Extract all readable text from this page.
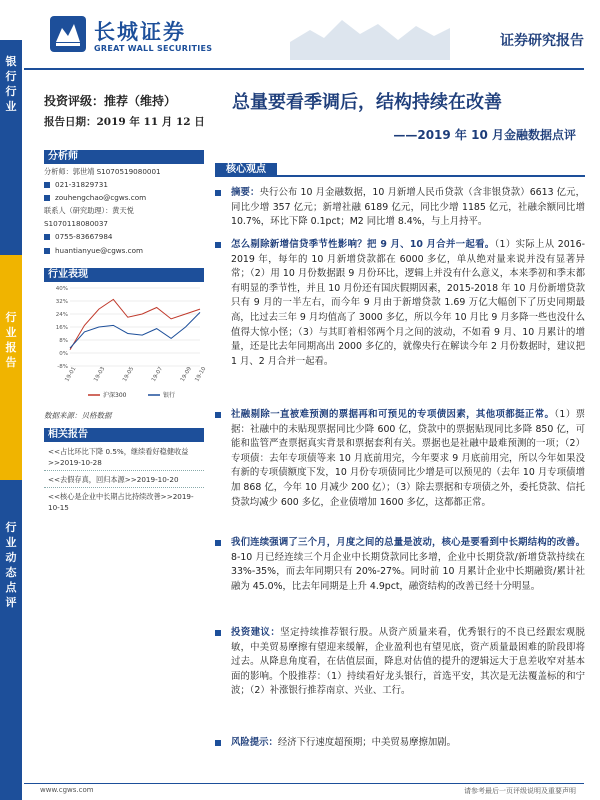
长城证券
GREAT WALL SECURITIES	证券研究报告
银行行业
行业报告
行业动态点评
投资评级：推荐（维持）
报告日期：2019 年 11 月 12 日
分析师
分析师：郭世靖 S1070519080001
021-31829731
zouhengchao@cgws.com
联系人（研究助理）：黄天悦
S1070118080037
0755-83667984
huantianyue@cgws.com
行业表现
40%
32%
24%
16%
8%
0%
-8%
19-01	19-03	19-05	19-07	19-09 19-10
沪深300	银行
数据来源：贝格数据
相关报告
<<占比环比下降 0.5%，继续看好稳健收益>>2019-10-28
<<去假存真，回归本源>>2019-10-20
<<核心是企业中长期占比持续改善>>2019-10-15
总量要看季调后，结构持续在改善
——2019 年 10 月金融数据点评
核心观点
摘要：央行公布 10 月金融数据，10 月新增人民币贷款（含非银贷款）6613 亿元，同比少增 357 亿元；新增社融 6189 亿元，同比少增 1185 亿元，社融余额同比增 10.7%，环比下降 0.1pct；M2 同比增 8.4%，与上月持平。
怎么剔除新增信贷季节性影响？把 9 月、10 月合并一起看。（1）实际上从 2016-2019 年，每年的 10 月新增贷款都在 6000 多亿，单从绝对量来说并没有显著异常；（2）用 10 月份数据跟 9 月份环比，逻辑上并没有什么意义，本来季初和季末都有明显的季节性，并且 10 月份还有国庆假期因素，2015-2018 年 10 月份新增贷款只有 9 月的一半左右，而今年 9 月由于新增贷款 1.69 万亿大幅创下了历史同期最高，比过去三年 9 月均值高了 3000 多亿，所以今年 10 月比 9 月多降一些也没什么值得大惊小怪；（3）与其盯着相邻两个月之间的波动，不如看 9 月、10 月累计的增量，还是比去年同期高出 2000 多亿的，就像央行在解读今年 2 月份数据时，建议把 1 月、2 月合并一起看。
社融剔除一直被难预测的票据再和可预见的专项债因素，其他项都挺正常。（1）票据：社融中的未贴现票据同比少降 600 亿，贷款中的票据贴现同比多降 850 亿，可能和监管严查票据真实背景和票据套利有关。票据也是社融中最难预测的一项；（2）专项债：去年专项债等来 10 月底前用完，今年要求 9 月底前用完，所以今年如果没有新的专项债额度下发，10 月份专项债同比少增是可以预见的（去年 10 月专项债增加 868 亿，今年 10 月减少 200 亿）；（3）除去票据和专项债之外，委托贷款、信托贷款均减少 600 多亿，企业债增加 1600 多亿，这都都正常。
我们连续强调了三个月，月度之间的总量是波动，核心是要看到中长期结构的改善。8-10 月已经连续三个月企业中长期贷款同比多增，企业中长期贷款/新增贷款持续在 33%-35%，而去年同期只有 20%-27%。同时前 10 月累计企业中长期融资/累计社融为 45.0%，比去年同期是上升 4.9pct，融资结构的改善已经十分明显。
投资建议：坚定持续推荐银行股。从资产质量来看，优秀银行的不良已经跟宏观脱敏，中美贸易摩擦有望迎来缓解，企业盈利也有望见底，资产质量最困难的阶段即将过去。从降息角度看，在估值层面，降息对估值的提升的逻辑远大于息差收窄对基本面的影响。个股推荐：（1）持续看好龙头银行，首选平安，其次是无法覆盖标的和宁波；（2）补涨银行推荐南京、兴业、工行。
风险提示：经济下行速度超预期；中美贸易摩擦加剧。
www.cgws.com	请参考最后一页评级说明及重要声明
